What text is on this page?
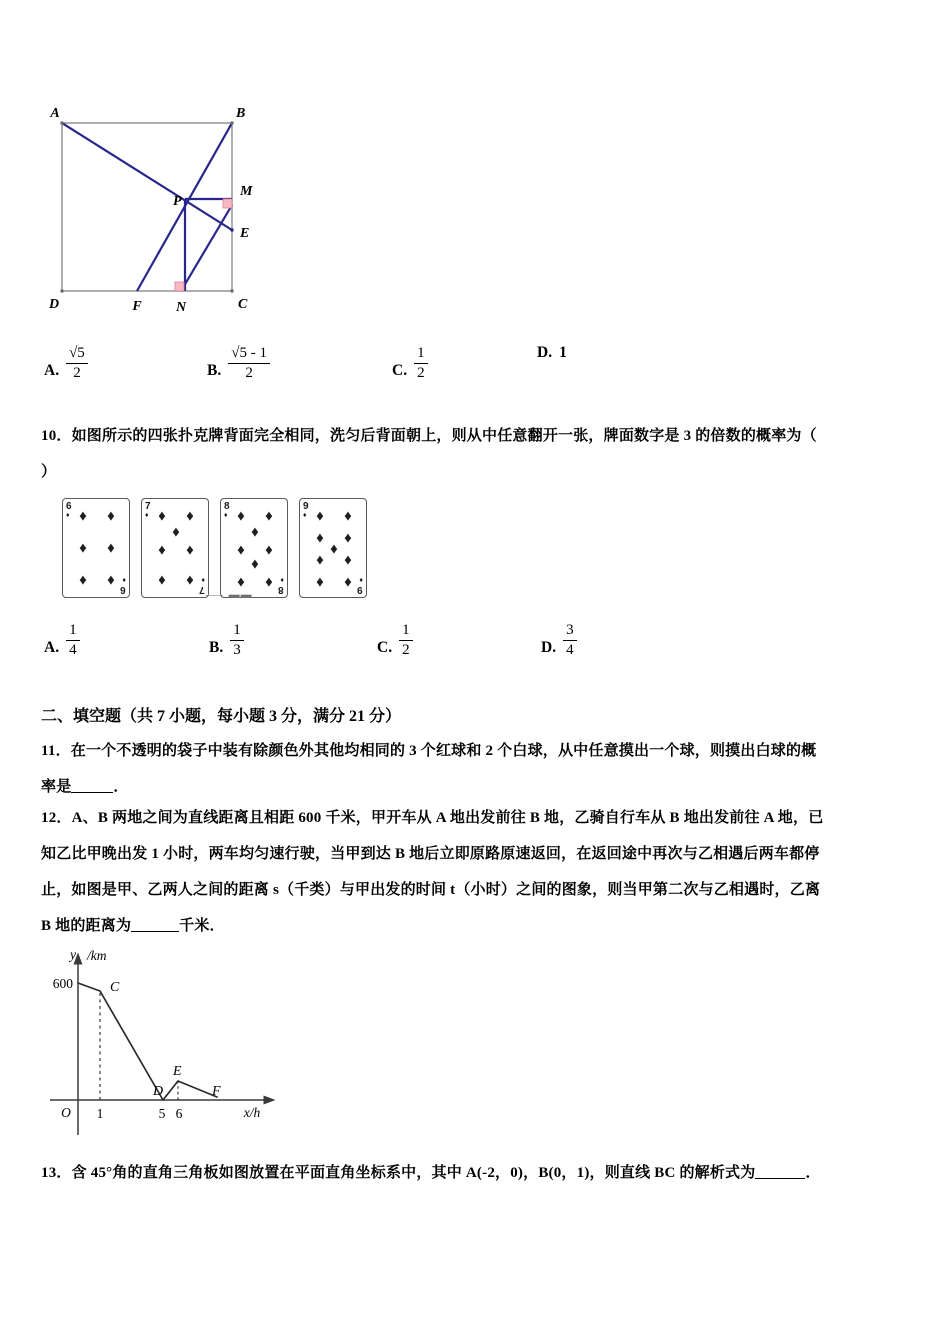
A	B
M
E
P
D	F N	C
A. $\frac{√5}{2}$	B. $\frac{√5 - 1}{2}$	C. $\frac{1}{2}$	D. 1
10．如图所示的四张扑克牌背面完全相同，洗匀后背面朝上，则从中任意翻开一张，牌面数字是 3 的倍数的概率为（
）
6
♦
6
♦
♦ ♦
♦ ♦
♦ ♦
7
♦
7
♦
♦ ♦
♦
♦ ♦
♦ ♦
8
♦
8
♦
♦ ♦
♦
♦ ♦
♦
♦ ♦
9
♦
9
♦
♦ ♦
♦ ♦
♦
♦ ♦
♦ ♦
⸺ ▬▬
A. $\frac{1}{4}$	B. $\frac{1}{3}$	C. $\frac{1}{2}$	D. $\frac{3}{4}$
二、填空题（共 7 小题，每小题 3 分，满分 21 分）
11．在一个不透明的袋子中装有除颜色外其他均相同的 3 个红球和 2 个白球，从中任意摸出一个球，则摸出白球的概
率是	．
12．A、B 两地之间为直线距离且相距 600 千米，甲开车从 A 地出发前往 B 地，乙骑自行车从 B 地出发前往 A 地，已
知乙比甲晚出发 1 小时，两车均匀速行驶，当甲到达 B 地后立即原路原速返回，在返回途中再次与乙相遇后两车都停
止，如图是甲、乙两人之间的距离 s（千类）与甲出发的时间 t（小时）之间的图象，则当甲第二次与乙相遇时，乙离
B 地的距离为	千米．
y /km
x/h
600
O 1	5 6
C
D
E
F
13．含 45°角的直角三角板如图放置在平面直角坐标系中，其中 A(-2，0)，B(0，1)，则直线 BC 的解析式为	．
